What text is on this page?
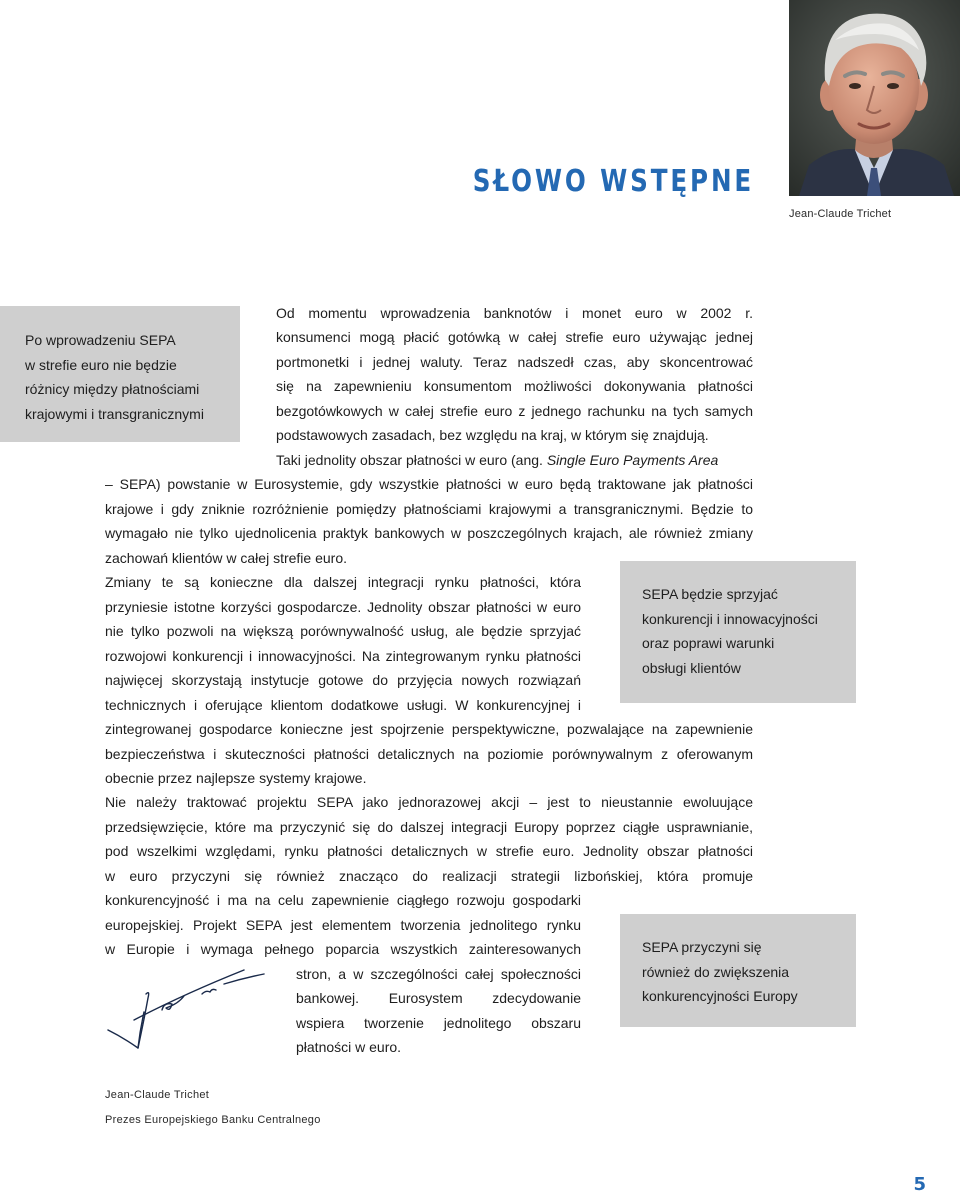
Jean-Claude Trichet
SŁOWO WSTĘPNE

Po wprowadzeniu SEPA

w strefie euro nie będzie

różnicy między płatnościami

krajowymi i transgranicznymi

SEPA będzie sprzyjać

konkurencji i innowacyjności

oraz poprawi warunki

obsługi klientów

SEPA przyczyni się

również do zwiększenia

konkurencyjności Europy

Od momentu wprowadzenia banknotów i monet euro w 2002 r.

konsumenci mogą płacić gotówką w całej strefie euro używając jednej

portmonetki i jednej waluty. Teraz nadszedł czas, aby skoncentrować

się na zapewnieniu konsumentom możliwości dokonywania płatności

bezgotówkowych w całej strefie euro z jednego rachunku na tych samych

podstawowych zasadach, bez względu na kraj, w którym się znajdują.

Taki jednolity obszar płatności w euro (ang. Single Euro Payments Area

– SEPA) powstanie w Eurosystemie, gdy wszystkie płatności w euro będą traktowane jak płatności

krajowe i gdy zniknie rozróżnienie pomiędzy płatnościami krajowymi a transgranicznymi. Będzie to

wymagało nie tylko ujednolicenia praktyk bankowych w poszczególnych krajach, ale również zmiany

zachowań klientów w całej strefie euro.

Zmiany te są konieczne dla dalszej integracji rynku płatności, która

przyniesie istotne korzyści gospodarcze. Jednolity obszar płatności w euro

nie tylko pozwoli na większą porównywalność usług, ale będzie sprzyjać

rozwojowi konkurencji i innowacyjności. Na zintegrowanym rynku płatności

najwięcej skorzystają instytucje gotowe do przyjęcia nowych rozwiązań

technicznych i oferujące klientom dodatkowe usługi. W konkurencyjnej i

zintegrowanej gospodarce konieczne jest spojrzenie perspektywiczne, pozwalające na zapewnienie

bezpieczeństwa i skuteczności płatności detalicznych na poziomie porównywalnym z oferowanym

obecnie przez najlepsze systemy krajowe.

Nie należy traktować projektu SEPA jako jednorazowej akcji – jest to nieustannie ewoluujące

przedsięwzięcie, które ma przyczynić się do dalszej integracji Europy poprzez ciągłe usprawnianie,

pod wszelkimi względami, rynku płatności detalicznych w strefie euro. Jednolity obszar płatności

w euro przyczyni się również znacząco do realizacji strategii lizbońskiej, która promuje

konkurencyjność i ma na celu zapewnienie ciągłego rozwoju gospodarki

europejskiej. Projekt SEPA jest elementem tworzenia jednolitego rynku

w Europie i wymaga pełnego poparcia wszystkich zainteresowanych

stron, a w szczególności całej społeczności

bankowej. Eurosystem zdecydowanie

wspiera tworzenie jednolitego obszaru

płatności w euro.

Jean-Claude Trichet
Prezes Europejskiego Banku Centralnego
5
